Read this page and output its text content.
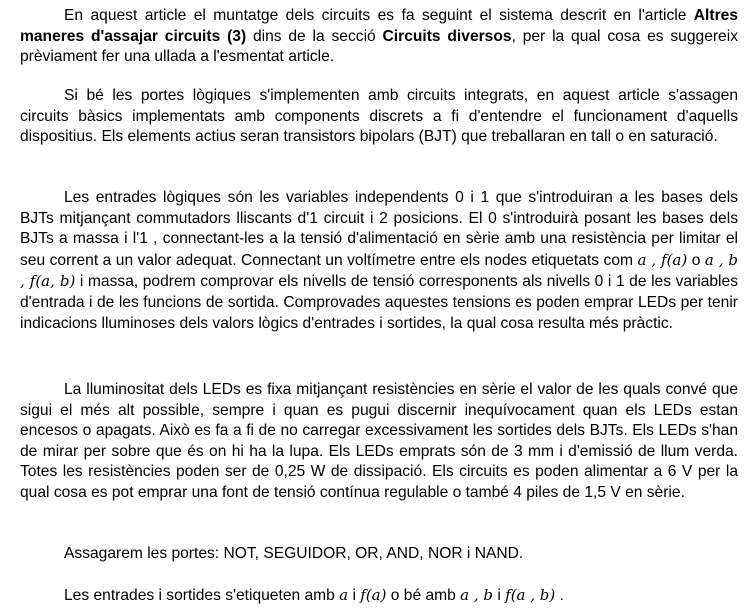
En aquest article el muntatge dels circuits es fa seguint el sistema descrit en l'article Altres maneres d'assajar circuits (3) dins de la secció Circuits diversos, per la qual cosa es suggereix prèviament fer una ullada a l'esmentat article.

Si bé les portes lògiques s'implementen amb circuits integrats, en aquest article s'assagen circuits bàsics implementats amb components discrets a fi d'entendre el funcionament d'aquells dispositius. Els elements actius seran transistors bipolars (BJT) que treballaran en tall o en saturació.

Les entrades lògiques són les variables independents 0 i 1 que s'introduiran a les bases dels BJTs mitjançant commutadors lliscants d'1 circuit i 2 posicions. El 0 s'introduirà posant les bases dels BJTs a massa i l'1 , connectant-les a la tensió d'alimentació en sèrie amb una resistència per limitar el seu corrent a un valor adequat. Connectant un voltímetre entre els nodes etiquetats com a , f(a) o a , b , f(a, b) i massa, podrem comprovar els nivells de tensió corresponents als nivells 0 i 1 de les variables d'entrada i de les funcions de sortida. Comprovades aquestes tensions es poden emprar LEDs per tenir indicacions lluminoses dels valors lògics d'entrades i sortides, la qual cosa resulta més pràctic.

La lluminositat dels LEDs es fixa mitjançant resistències en sèrie el valor de les quals convé que sigui el més alt possible, sempre i quan es pugui discernir inequívocament quan els LEDs estan encesos o apagats. Això es fa a fi de no carregar excessivament les sortides dels BJTs. Els LEDs s'han de mirar per sobre que és on hi ha la lupa. Els LEDs emprats són de 3 mm i d'emissió de llum verda. Totes les resistències poden ser de 0,25 W de dissipació. Els circuits es poden alimentar a 6 V per la qual cosa es pot emprar una font de tensió contínua regulable o també 4 piles de 1,5 V en sèrie.

Assagarem les portes: NOT, SEGUIDOR, OR, AND, NOR i NAND.

Les entrades i sortides s'etiqueten amb a i f(a) o bé amb a , b i f(a , b) .
